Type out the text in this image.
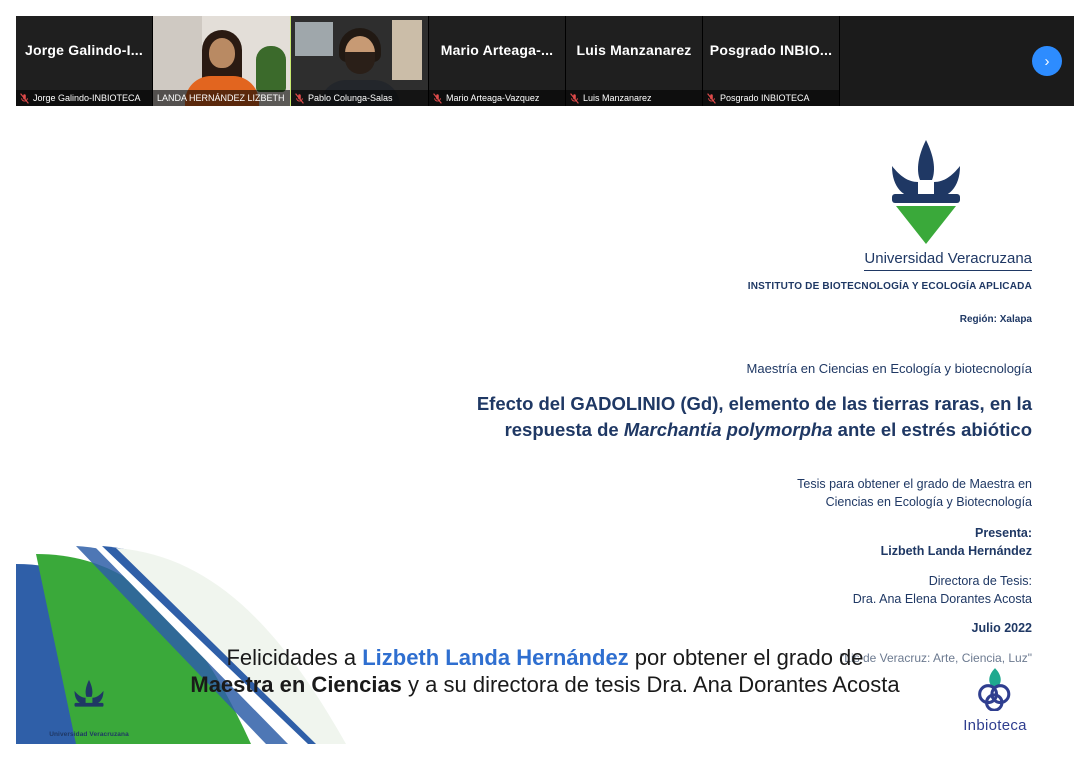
Jorge Galindo-I...
Jorge Galindo-INBIOTECA LANDA HERNÁNDEZ LIZBETH	Pablo Colunga-Salas
Mario Arteaga-...
Mario Arteaga-Vazquez
Luis Manzanarez
Luis Manzanarez
Posgrado INBIO...
Posgrado INBIOTECA
›
Universidad Veracruzana
INSTITUTO DE BIOTECNOLOGÍA Y ECOLOGÍA APLICADA
Región: Xalapa
Maestría en Ciencias en Ecología y biotecnología
Efecto del GADOLINIO (Gd), elemento de las tierras raras, en la respuesta de Marchantia polymorpha ante el estrés abiótico
Tesis para obtener el grado de Maestra en
Ciencias en Ecología y Biotecnología
Presenta:
Lizbeth Landa Hernández
Directora de Tesis:
Dra. Ana Elena Dorantes Acosta
Julio 2022
"Lis de Veracruz: Arte, Ciencia, Luz"
Universidad Veracruzana
Inbioteca
Felicidades a Lizbeth Landa Hernández por obtener el grado de
Maestra en Ciencias y a su directora de tesis Dra. Ana Dorantes Acosta
